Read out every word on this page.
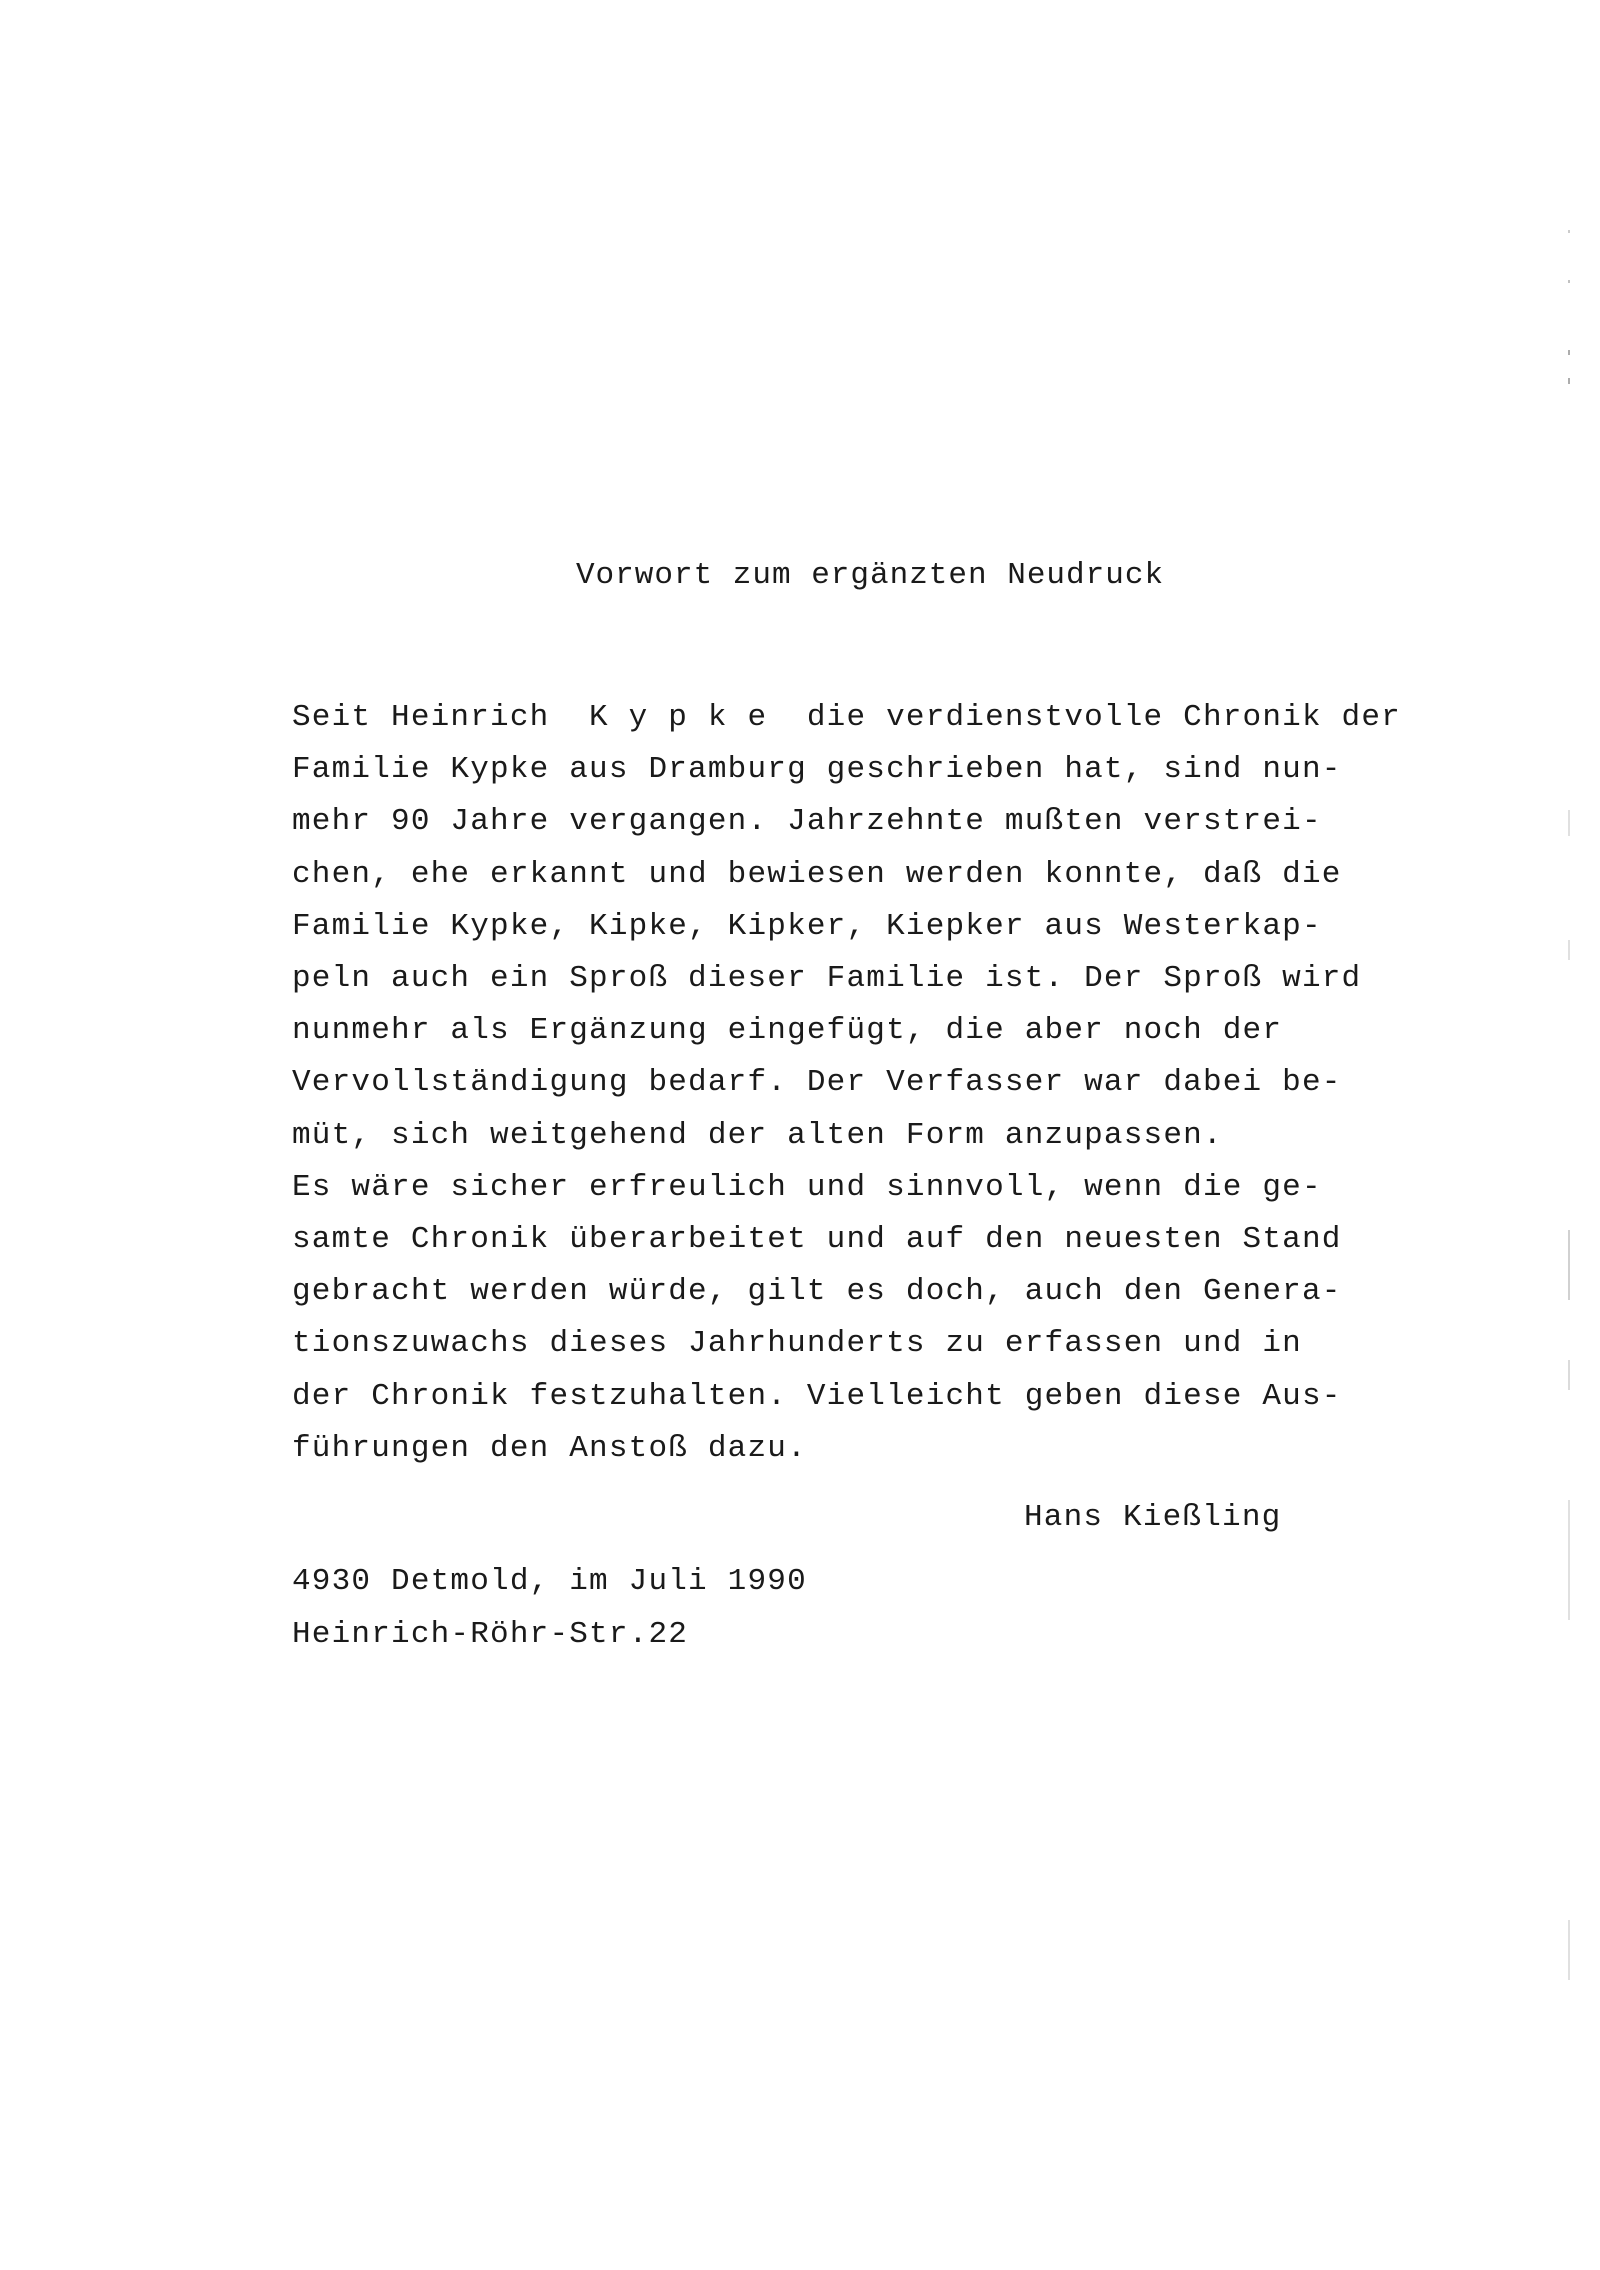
Vorwort zum ergänzten Neudruck
Seit Heinrich  K y p k e  die verdienstvolle Chronik der
Familie Kypke aus Dramburg geschrieben hat, sind nun-
mehr 90 Jahre vergangen. Jahrzehnte mußten verstrei-
chen, ehe erkannt und bewiesen werden konnte, daß die
Familie Kypke, Kipke, Kipker, Kiepker aus Westerkap-
peln auch ein Sproß dieser Familie ist. Der Sproß wird
nunmehr als Ergänzung eingefügt, die aber noch der
Vervollständigung bedarf. Der Verfasser war dabei be-
müt, sich weitgehend der alten Form anzupassen.
Es wäre sicher erfreulich und sinnvoll, wenn die ge-
samte Chronik überarbeitet und auf den neuesten Stand
gebracht werden würde, gilt es doch, auch den Genera-
tionszuwachs dieses Jahrhunderts zu erfassen und in
der Chronik festzuhalten. Vielleicht geben diese Aus-
führungen den Anstoß dazu.
Hans Kießling
4930 Detmold, im Juli 1990
Heinrich-Röhr-Str.22
